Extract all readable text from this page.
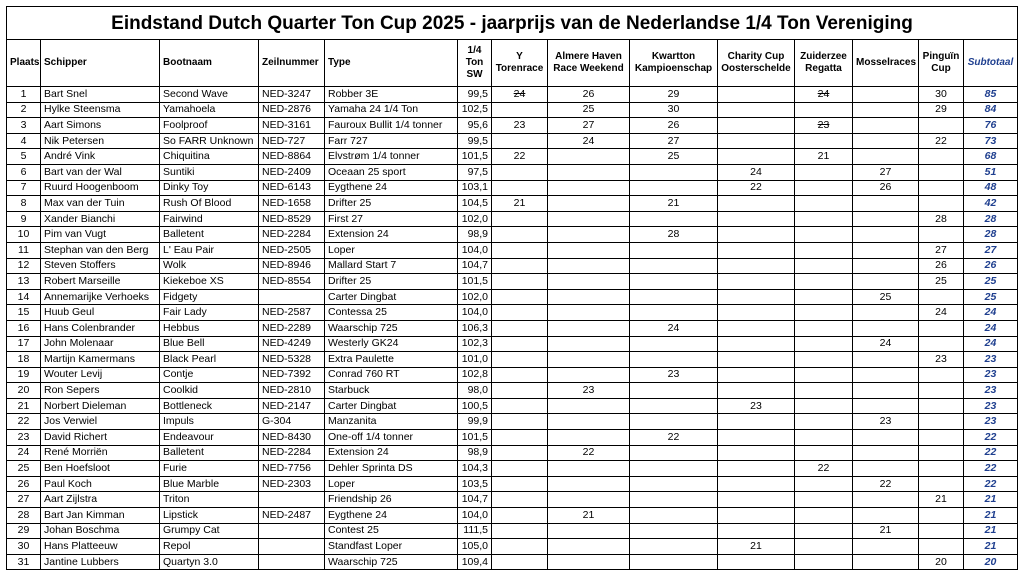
Eindstand Dutch Quarter Ton Cup 2025 - jaarprijs van de Nederlandse 1/4 Ton Vereniging
Plaats	Schipper	Bootnaam	Zeilnummer	Type	1/4 Ton SW	Y Torenrace	Almere Haven Race Weekend	Kwartton Kampioenschap	Charity Cup Oosterschelde	Zuiderzee Regatta	Mosselraces	Pinguïn Cup	Subtotaal
1	Bart Snel	Second Wave	NED-3247	Robber 3E	99,5	24	26	29		24		30	85
2	Hylke Steensma	Yamahoela	NED-2876	Yamaha 24 1/4 Ton	102,5		25	30				29	84
3	Aart Simons	Foolproof	NED-3161	Fauroux Bullit 1/4 tonner	95,6	23	27	26		23			76
4	Nik Petersen	So FARR Unknown	NED-727	Farr 727	99,5		24	27				22	73
5	André Vink	Chiquitina	NED-8864	Elvstrøm 1/4 tonner	101,5	22		25		21			68
6	Bart van der Wal	Suntiki	NED-2409	Oceaan 25 sport	97,5				24		27		51
7	Ruurd Hoogenboom	Dinky Toy	NED-6143	Eygthene 24	103,1				22		26		48
8	Max van der Tuin	Rush Of Blood	NED-1658	Drifter 25	104,5	21		21					42
9	Xander Bianchi	Fairwind	NED-8529	First 27	102,0							28	28
10	Pim van Vugt	Balletent	NED-2284	Extension 24	98,9			28					28
11	Stephan van den Berg	L' Eau Pair	NED-2505	Loper	104,0							27	27
12	Steven Stoffers	Wolk	NED-8946	Mallard Start 7	104,7							26	26
13	Robert Marseille	Kiekeboe XS	NED-8554	Drifter 25	101,5							25	25
14	Annemarijke Verhoeks	Fidgety		Carter Dingbat	102,0						25		25
15	Huub Geul	Fair Lady	NED-2587	Contessa 25	104,0							24	24
16	Hans Colenbrander	Hebbus	NED-2289	Waarschip 725	106,3			24					24
17	John Molenaar	Blue Bell	NED-4249	Westerly GK24	102,3						24		24
18	Martijn Kamermans	Black Pearl	NED-5328	Extra Paulette	101,0							23	23
19	Wouter Levij	Contje	NED-7392	Conrad 760 RT	102,8			23					23
20	Ron Sepers	Coolkid	NED-2810	Starbuck	98,0		23						23
21	Norbert Dieleman	Bottleneck	NED-2147	Carter Dingbat	100,5				23				23
22	Jos Verwiel	Impuls	G-304	Manzanita	99,9						23		23
23	David Richert	Endeavour	NED-8430	One-off 1/4 tonner	101,5			22					22
24	René Morriën	Balletent	NED-2284	Extension 24	98,9		22						22
25	Ben Hoefsloot	Furie	NED-7756	Dehler Sprinta DS	104,3					22			22
26	Paul Koch	Blue Marble	NED-2303	Loper	103,5						22		22
27	Aart Zijlstra	Triton		Friendship 26	104,7							21	21
28	Bart Jan Kimman	Lipstick	NED-2487	Eygthene 24	104,0		21						21
29	Johan Boschma	Grumpy Cat		Contest 25	111,5						21		21
30	Hans Platteeuw	Repol		Standfast Loper	105,0				21				21
31	Jantine Lubbers	Quartyn 3.0		Waarschip 725	109,4							20	20
